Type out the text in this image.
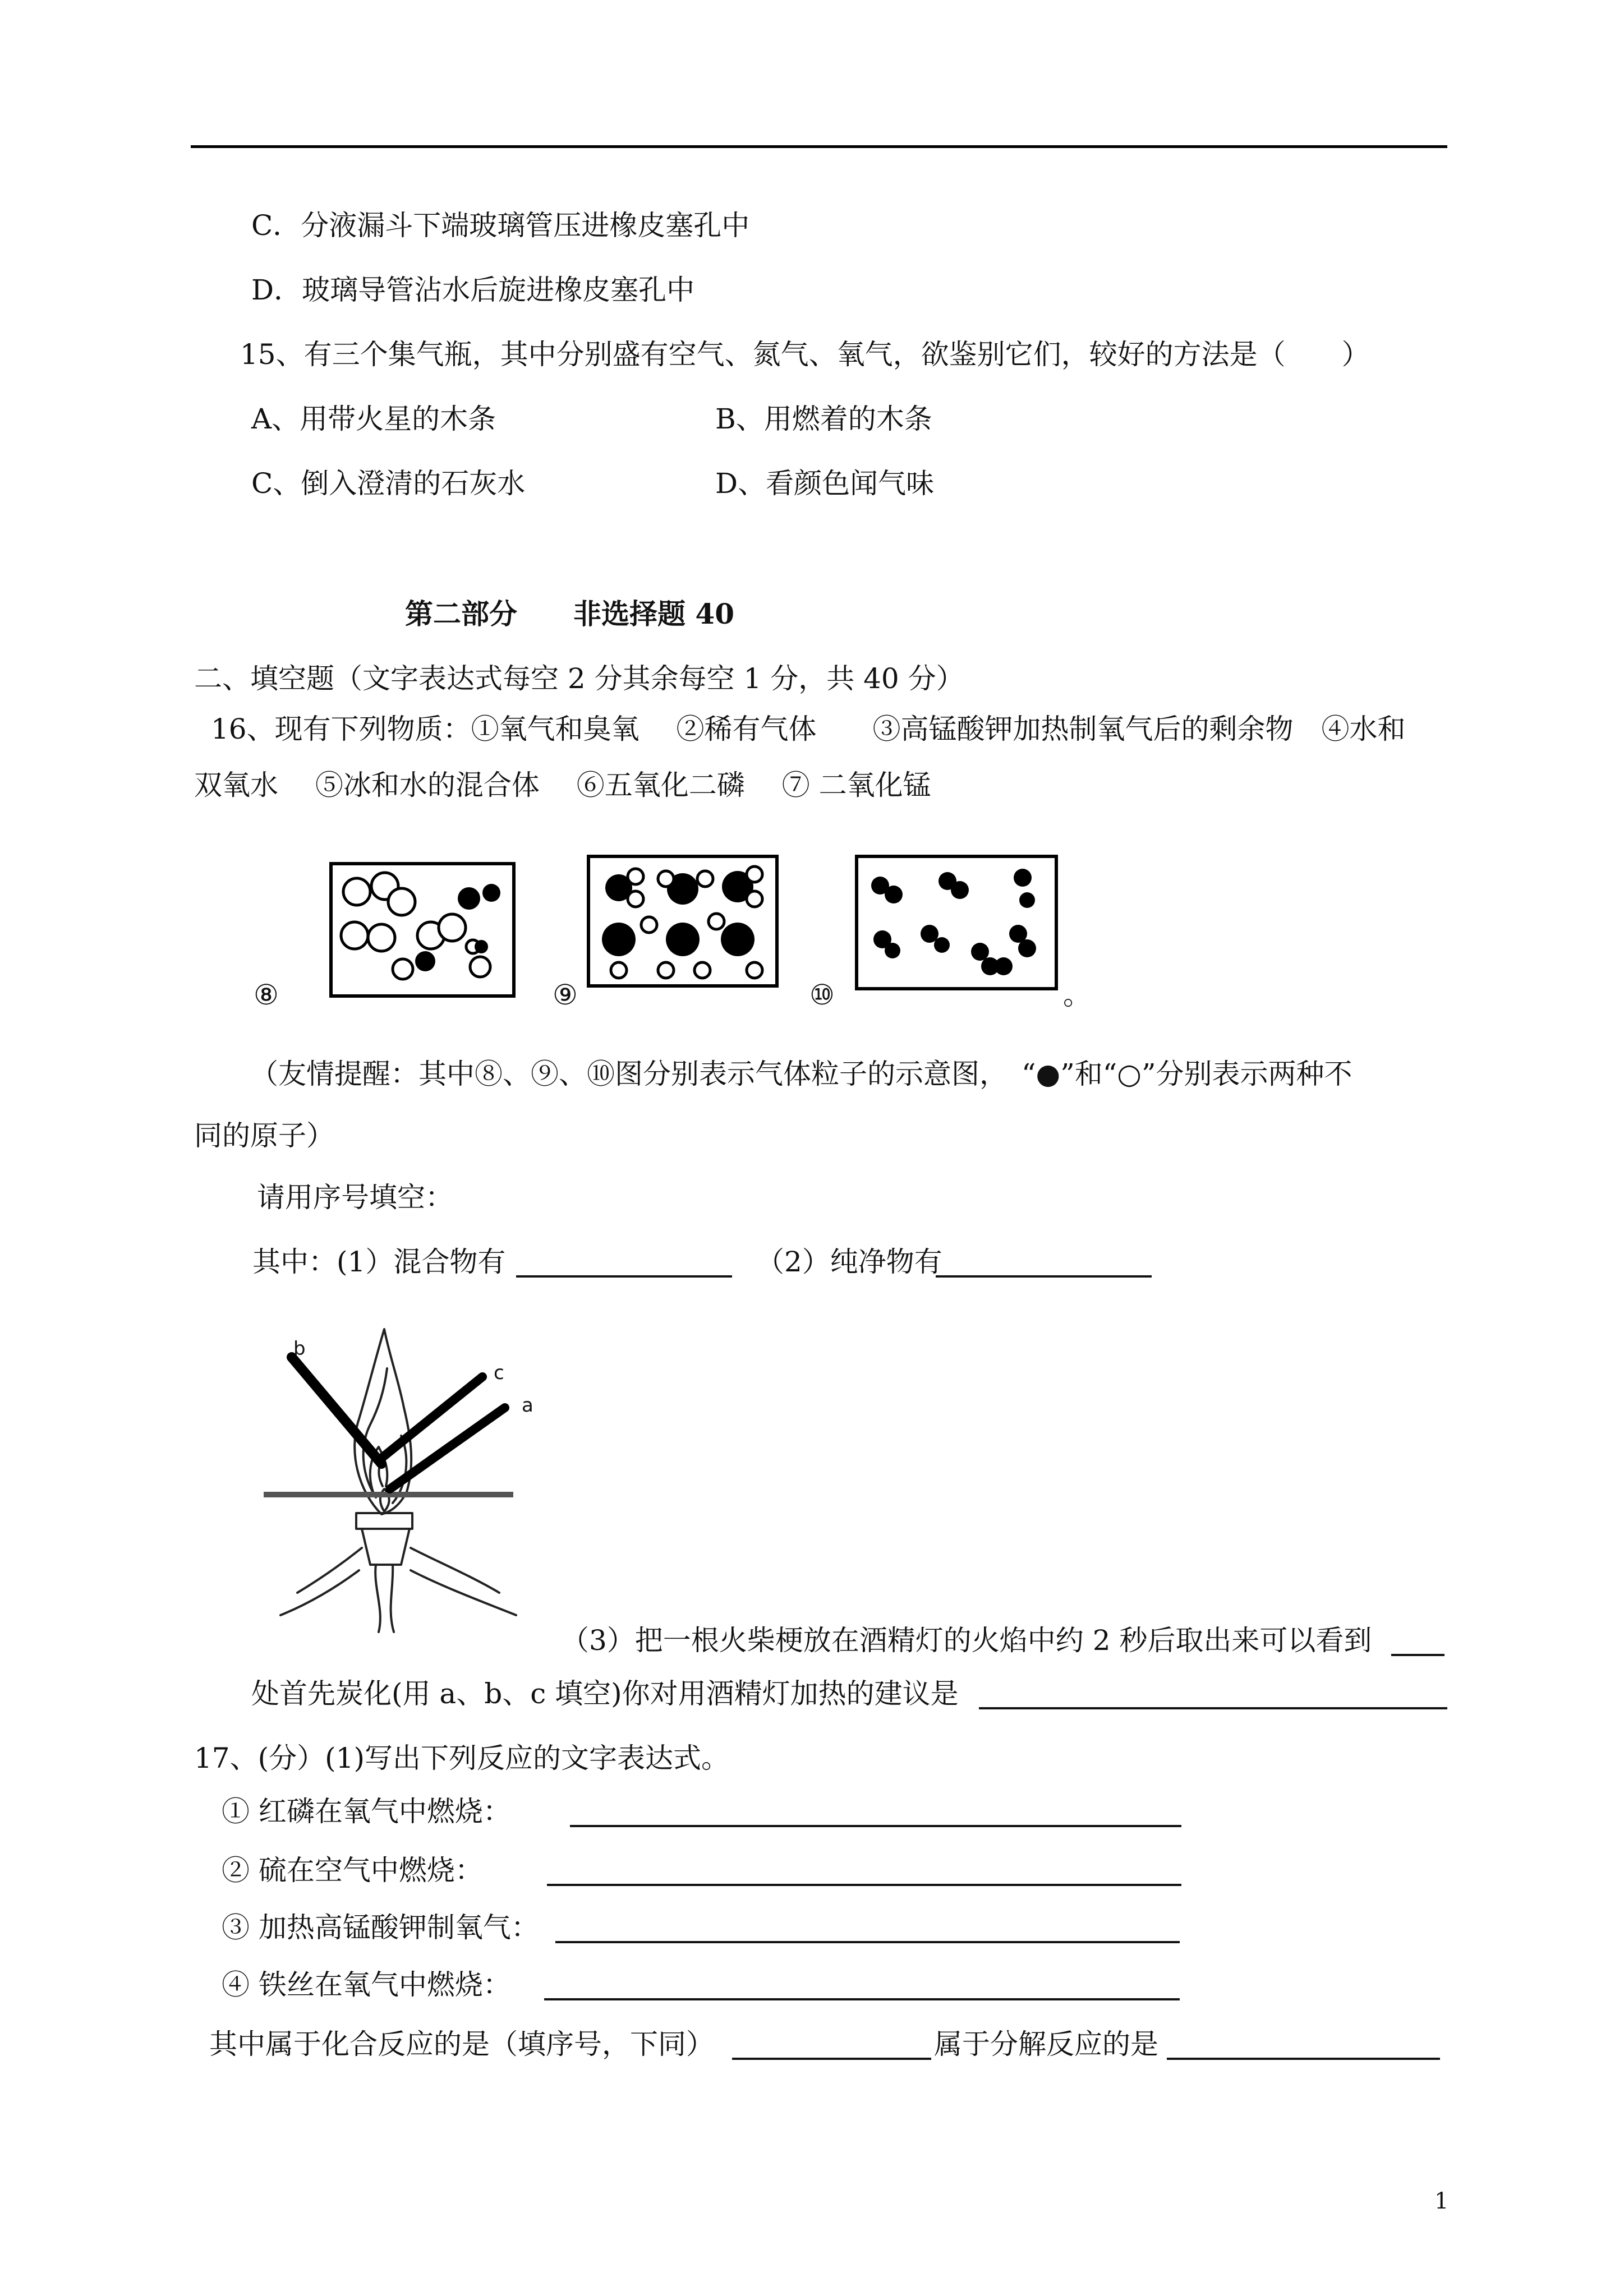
C．分液漏斗下端玻璃管压进橡皮塞孔中
D．玻璃导管沾水后旋进橡皮塞孔中
15、有三个集气瓶，其中分别盛有空气、氮气、氧气，欲鉴别它们，较好的方法是（　　）
A、用带火星的木条	B、用燃着的木条
C、倒入澄清的石灰水	D、看颜色闻气味
第二部分　　非选择题 40
二、填空题（文字表达式每空 2 分其余每空 1 分，共 40 分）
16、现有下列物质：①氧气和臭氧　 ②稀有气体　　③高锰酸钾加热制氧气后的剩余物　④水和
双氧水　 ⑤冰和水的混合体　 ⑥五氧化二磷　 ⑦ 二氧化锰
⑧	⑨	⑩	。
（友情提醒：其中⑧、⑨、⑩图分别表示气体粒子的示意图，　“●”和“○”分别表示两种不
同的原子）
请用序号填空：
其中：(1）混合物有	（2）纯净物有
b
c
a
（3）把一根火柴梗放在酒精灯的火焰中约 2 秒后取出来可以看到
处首先炭化(用 a、b、c 填空)你对用酒精灯加热的建议是
17、(分）(1)写出下列反应的文字表达式。
① 红磷在氧气中燃烧：
② 硫在空气中燃烧：
③ 加热高锰酸钾制氧气：
④ 铁丝在氧气中燃烧：
其中属于化合反应的是（填序号，下同）	属于分解反应的是
1
